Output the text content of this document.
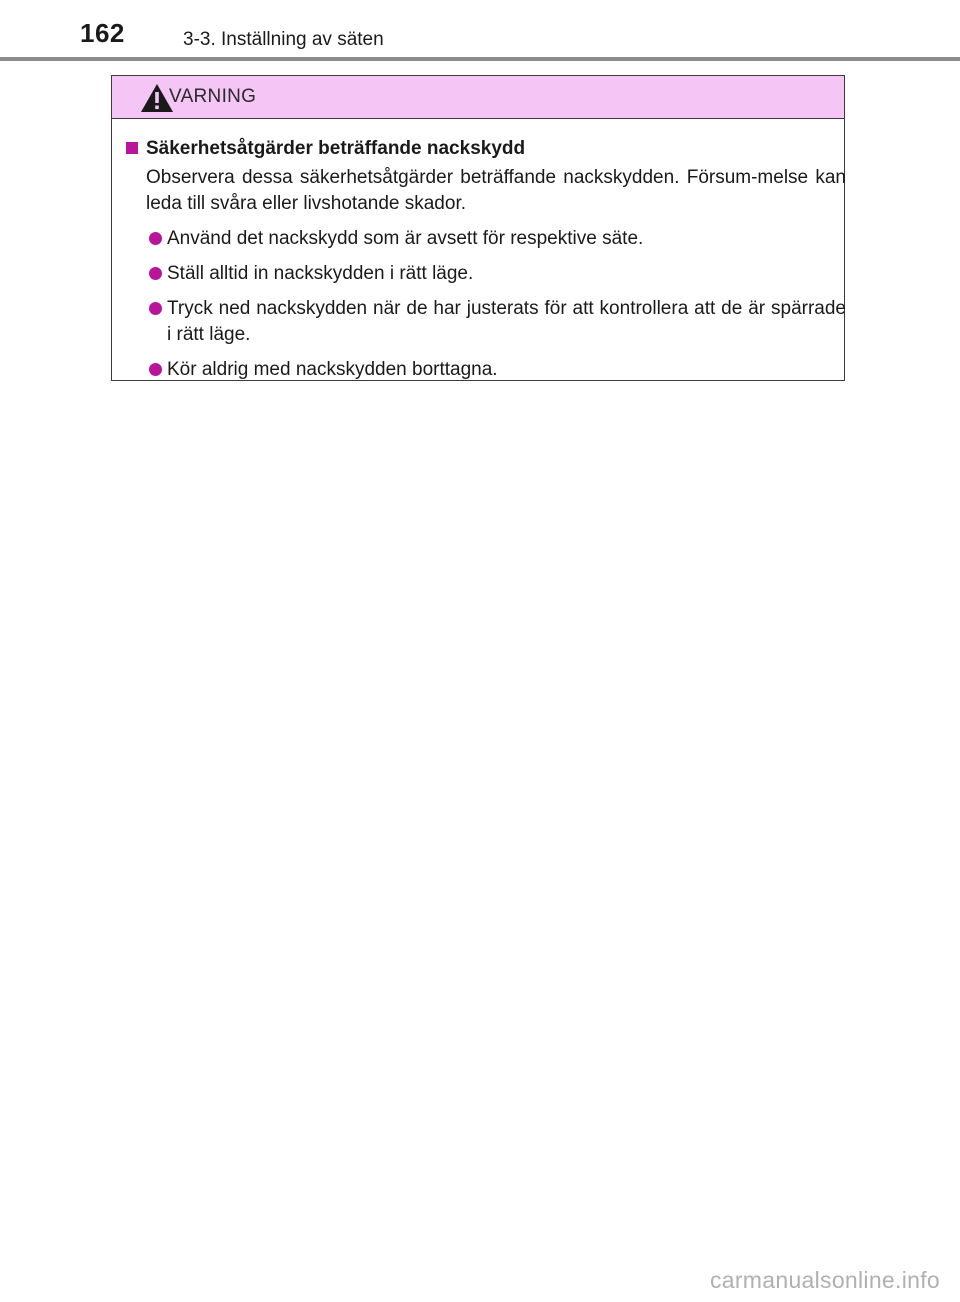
162	3-3. Inställning av säten
VARNING
Säkerhetsåtgärder beträffande nackskydd
Observera dessa säkerhetsåtgärder beträffande nackskydden. Försum-melse kan leda till svåra eller livshotande skador.
Använd det nackskydd som är avsett för respektive säte.
Ställ alltid in nackskydden i rätt läge.
Tryck ned nackskydden när de har justerats för att kontrollera att de är spärrade i rätt läge.
Kör aldrig med nackskydden borttagna.
carmanualsonline.info
